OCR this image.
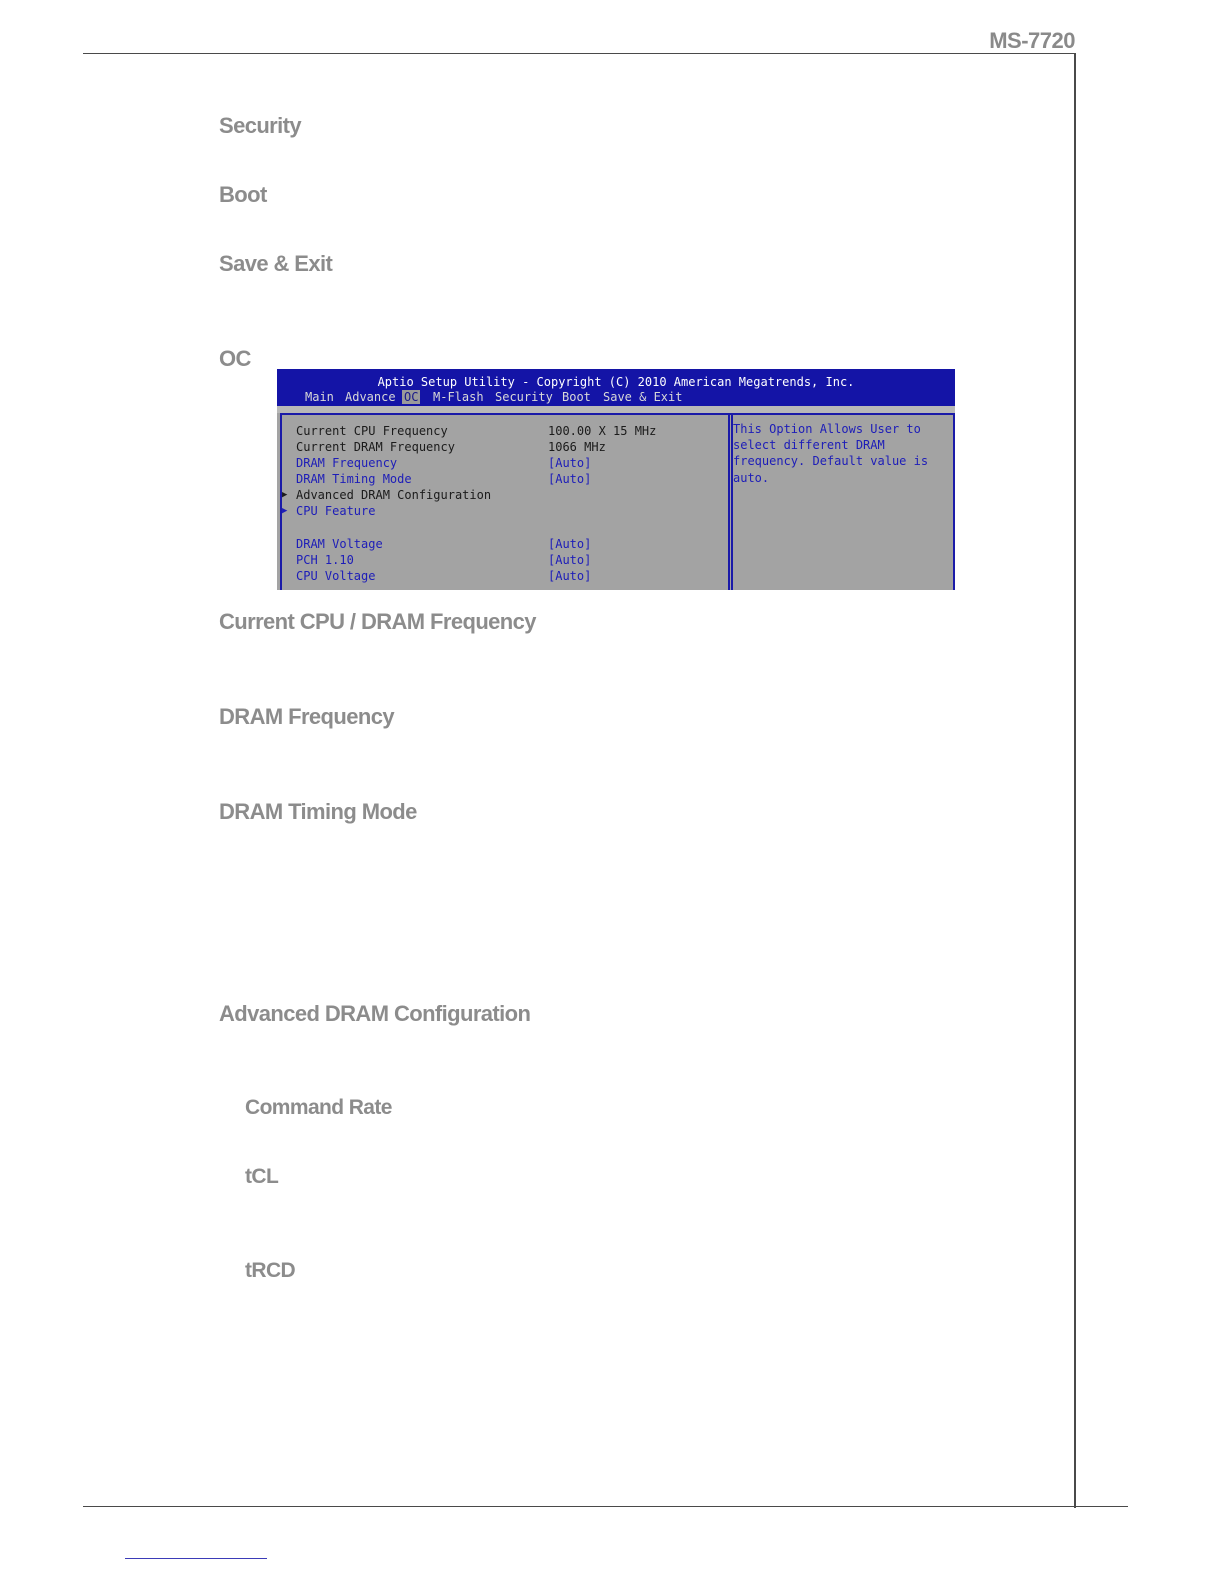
MS-7720
Security
Boot
Save & Exit
OC
Aptio Setup Utility - Copyright (C) 2010 American Megatrends, Inc.
Main Advance OC M-Flash Security Boot Save & Exit
Current CPU Frequency	100.00 X 15 MHz
Current DRAM Frequency	1066 MHz
DRAM Frequency	[Auto]
DRAM Timing Mode	[Auto]
▶ Advanced DRAM Configuration
▶ CPU Feature
DRAM Voltage	[Auto]
PCH 1.10	[Auto]
CPU Voltage	[Auto]
This Option Allows User to
select different DRAM
frequency. Default value is
auto.
Current CPU / DRAM Frequency
DRAM Frequency
DRAM Timing Mode
Advanced DRAM Configuration
Command Rate
tCL
tRCD
